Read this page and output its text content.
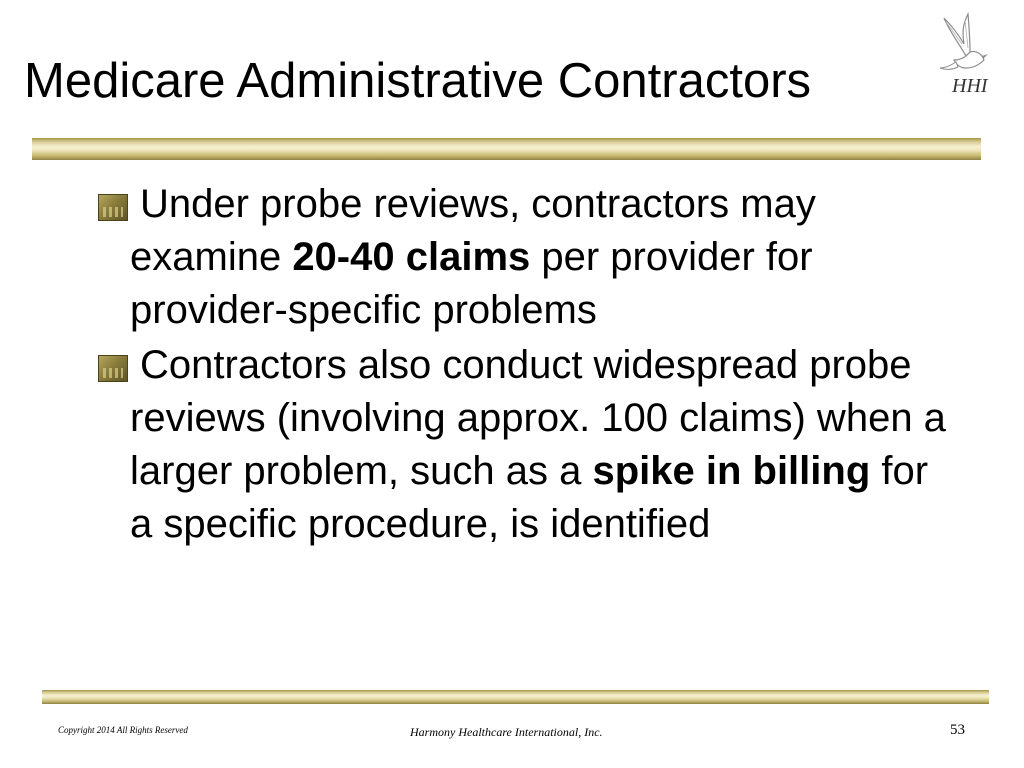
Medicare Administrative Contractors	HHI
Under probe reviews, contractors may examine 20-40 claims per provider for provider-specific problems
Contractors also conduct widespread probe reviews (involving approx. 100 claims) when a larger problem, such as a spike in billing for a specific procedure, is identified
Copyright 2014 All Rights Reserved	Harmony Healthcare International, Inc.	53
